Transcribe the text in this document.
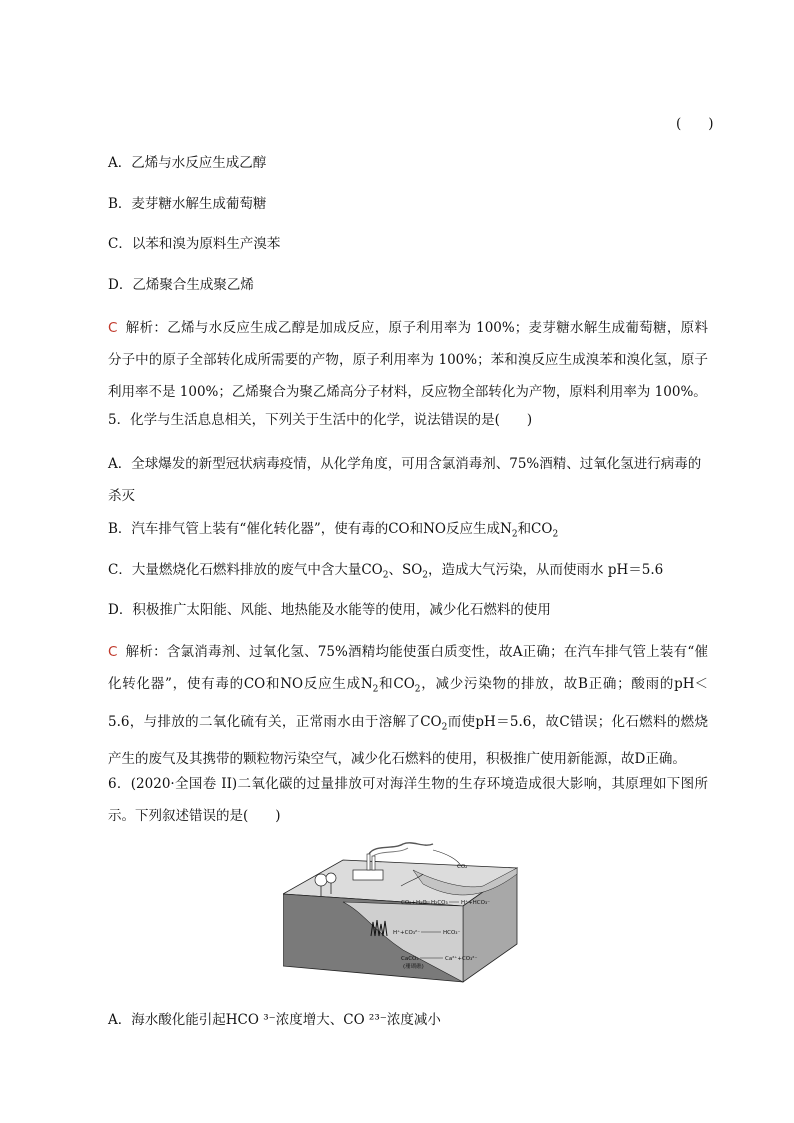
(　　)
A．乙烯与水反应生成乙醇
B．麦芽糖水解生成葡萄糖
C．以苯和溴为原料生产溴苯
D．乙烯聚合生成聚乙烯
C 解析：乙烯与水反应生成乙醇是加成反应，原子利用率为 100%；麦芽糖水解生成葡萄糖，原料分子中的原子全部转化成所需要的产物，原子利用率为 100%；苯和溴反应生成溴苯和溴化氢，原子利用率不是 100%；乙烯聚合为聚乙烯高分子材料，反应物全部转化为产物，原料利用率为 100%。
5．化学与生活息息相关，下列关于生活中的化学，说法错误的是(　　)
A．全球爆发的新型冠状病毒疫情，从化学角度，可用含氯消毒剂、75%酒精、过氧化氢进行病毒的杀灭
B．汽车排气管上装有“催化转化器”，使有毒的CO和NO反应生成$N_2$和$CO_2$
C．大量燃烧化石燃料排放的废气中含大量$CO_2$、$SO_2$，造成大气污染，从而使雨水 pH＝5.6
D．积极推广太阳能、风能、地热能及水能等的使用，减少化石燃料的使用
C 解析：含氯消毒剂、过氧化氢、75%酒精均能使蛋白质变性，故A正确；在汽车排气管上装有“催化转化器”，使有毒的CO和NO反应生成$N_2$和$CO_2$，减少污染物的排放，故B正确；酸雨的pH＜5.6，与排放的二氧化硫有关，正常雨水由于溶解了$CO_2$而使pH＝5.6，故C错误；化石燃料的燃烧产生的废气及其携带的颗粒物污染空气，减少化石燃料的使用，积极推广使用新能源，故D正确。
6．(2020·全国卷 II)二氧化碳的过量排放可对海洋生物的生存环境造成很大影响，其原理如下图所示。下列叙述错误的是(　　)
CO₂
CO₂+H₂O H₂CO₃ H⁺+HCO₃⁻
H⁺+CO₃²⁻	HCO₃⁻
CaCO₃	Ca²⁺+CO₃²⁻
(珊瑚礁)
A．海水酸化能引起HCO ³⁻浓度增大、CO ²³⁻浓度减小
